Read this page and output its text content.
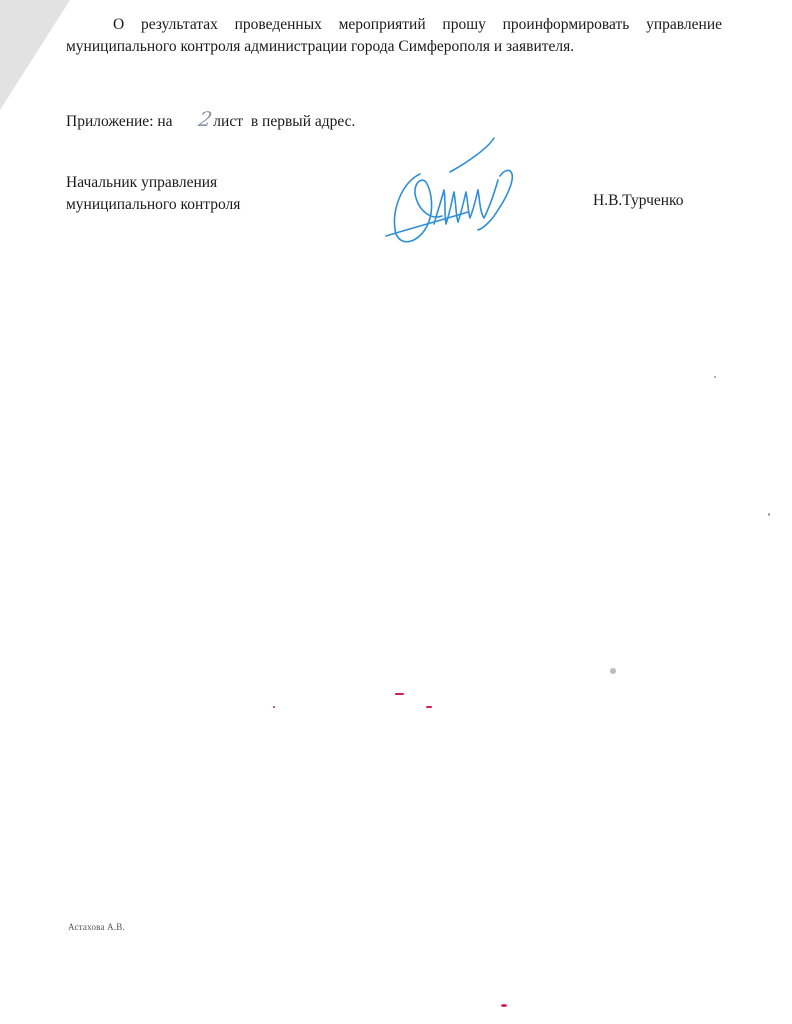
О результатах проведенных мероприятий прошу проинформировать управление муниципального контроля администрации города Симферополя и заявителя.

Приложение: на 2лист в первый адрес.

Начальник управления
муниципального контроля	Н.В.Турченко
Астахова А.В.
